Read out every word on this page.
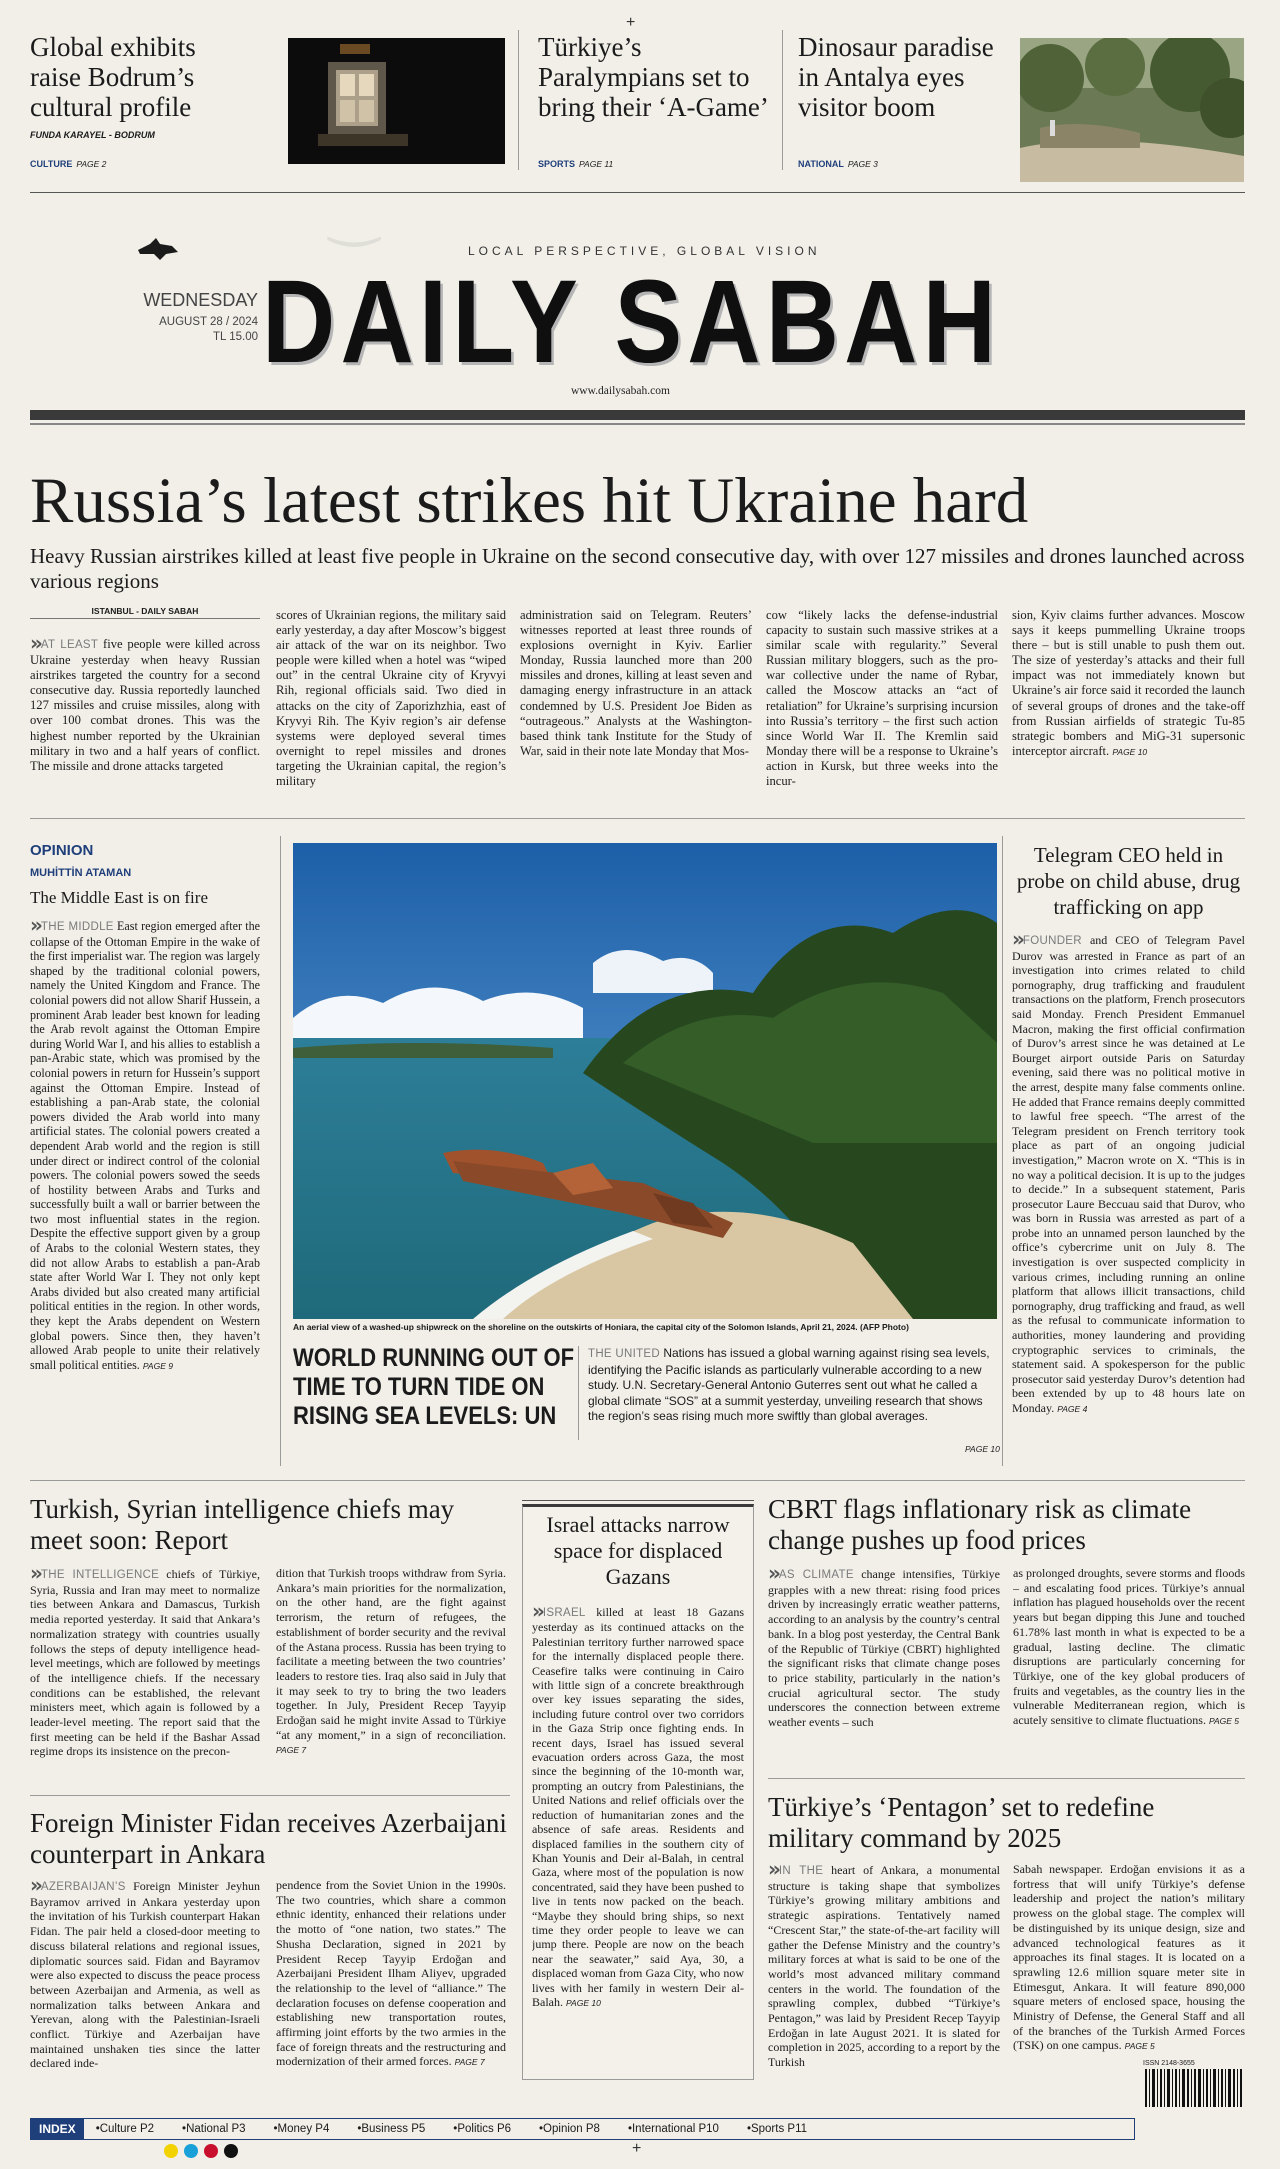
Global exhibits raise Bodrum’s cultural profile
FUNDA KARAYEL - BODRUM
CULTURE PAGE 2
+
Türkiye’s Paralympians set to bring their ‘A-Game’
SPORTS PAGE 11
Dinosaur paradise in Antalya eyes visitor boom
NATIONAL PAGE 3
‿
LOCAL PERSPECTIVE, GLOBAL VISION
WEDNESDAY
AUGUST 28 / 2024
TL 15.00 DAILY SABAH
www.dailysabah.com
Russia’s latest strikes hit Ukraine hard
Heavy Russian airstrikes killed at least five people in Ukraine on the second consecutive day, with over 127 missiles and drones launched across various regions
ISTANBUL - DAILY SABAH
» AT LEAST five people were killed across Ukraine yesterday when heavy Russian airstrikes targeted the country for a second consecutive day. Russia reportedly launched 127 missiles and cruise missiles, along with over 100 combat drones. This was the highest number reported by the Ukrainian military in two and a half years of conflict. The missile and drone attacks targeted
scores of Ukrainian regions, the military said early yesterday, a day after Moscow’s biggest air attack of the war on its neighbor. Two people were killed when a hotel was “wiped out” in the central Ukraine city of Kryvyi Rih, regional officials said. Two died in attacks on the city of Zaporizhzhia, east of Kryvyi Rih. The Kyiv region’s air defense systems were deployed several times overnight to repel missiles and drones targeting the Ukrainian capital, the region’s military
administration said on Telegram. Reuters’ witnesses reported at least three rounds of explosions overnight in Kyiv. Earlier Monday, Russia launched more than 200 missiles and drones, killing at least seven and damaging energy infrastructure in an attack condemned by U.S. President Joe Biden as “outrageous.” Analysts at the Washington-based think tank Institute for the Study of War, said in their note late Monday that Mos-
cow “likely lacks the defense-industrial capacity to sustain such massive strikes at a similar scale with regularity.” Several Russian military bloggers, such as the pro-war collective under the name of Rybar, called the Moscow attacks an “act of retaliation” for Ukraine’s surprising incursion into Russia’s territory – the first such action since World War II. The Kremlin said Monday there will be a response to Ukraine’s action in Kursk, but three weeks into the incur-
sion, Kyiv claims further advances. Moscow says it keeps pummelling Ukraine troops there – but is still unable to push them out. The size of yesterday’s attacks and their full impact was not immediately known but Ukraine’s air force said it recorded the launch of several groups of drones and the take-off from Russian airfields of strategic Tu-85 strategic bombers and MiG-31 supersonic interceptor aircraft. PAGE 10
OPINION
MUHİTTİN ATAMAN
The Middle East is on fire
» THE MIDDLE East region emerged after the collapse of the Ottoman Empire in the wake of the first imperialist war. The region was largely shaped by the traditional colonial powers, namely the United Kingdom and France. The colonial powers did not allow Sharif Hussein, a prominent Arab leader best known for leading the Arab revolt against the Ottoman Empire during World War I, and his allies to establish a pan-Arabic state, which was promised by the colonial powers in return for Hussein’s support against the Ottoman Empire. Instead of establishing a pan-Arab state, the colonial powers divided the Arab world into many artificial states. The colonial powers created a dependent Arab world and the region is still under direct or indirect control of the colonial powers. The colonial powers sowed the seeds of hostility between Arabs and Turks and successfully built a wall or barrier between the two most influential states in the region. Despite the effective support given by a group of Arabs to the colonial Western states, they did not allow Arabs to establish a pan-Arab state after World War I. They not only kept Arabs divided but also created many artificial political entities in the region. In other words, they kept the Arabs dependent on Western global powers. Since then, they haven’t allowed Arab people to unite their relatively small political entities. PAGE 9
An aerial view of a washed-up shipwreck on the shoreline on the outskirts of Honiara, the capital city of the Solomon Islands, April 21, 2024. (AFP Photo)
WORLD RUNNING OUT OF TIME TO TURN TIDE ON RISING SEA LEVELS: UN
THE UNITED Nations has issued a global warning against rising sea levels, identifying the Pacific islands as particularly vulnerable according to a new study. U.N. Secretary-General Antonio Guterres sent out what he called a global climate “SOS” at a summit yesterday, unveiling research that shows the region’s seas rising much more swiftly than global averages.
PAGE 10
Telegram CEO held in probe on child abuse, drug trafficking on app
» FOUNDER and CEO of Telegram Pavel Durov was arrested in France as part of an investigation into crimes related to child pornography, drug trafficking and fraudulent transactions on the platform, French prosecutors said Monday. French President Emmanuel Macron, making the first official confirmation of Durov’s arrest since he was detained at Le Bourget airport outside Paris on Saturday evening, said there was no political motive in the arrest, despite many false comments online. He added that France remains deeply committed to lawful free speech. “The arrest of the Telegram president on French territory took place as part of an ongoing judicial investigation,” Macron wrote on X. “This is in no way a political decision. It is up to the judges to decide.” In a subsequent statement, Paris prosecutor Laure Beccuau said that Durov, who was born in Russia was arrested as part of a probe into an unnamed person launched by the office’s cybercrime unit on July 8. The investigation is over suspected complicity in various crimes, including running an online platform that allows illicit transactions, child pornography, drug trafficking and fraud, as well as the refusal to communicate information to authorities, money laundering and providing cryptographic services to criminals, the statement said. A spokesperson for the public prosecutor said yesterday Durov’s detention had been extended by up to 48 hours late on Monday. PAGE 4
Turkish, Syrian intelligence chiefs may meet soon: Report
» THE INTELLIGENCE chiefs of Türkiye, Syria, Russia and Iran may meet to normalize ties between Ankara and Damascus, Turkish media reported yesterday. It said that Ankara’s normalization strategy with countries usually follows the steps of deputy intelligence head-level meetings, which are followed by meetings of the intelligence chiefs. If the necessary conditions can be established, the relevant ministers meet, which again is followed by a leader-level meeting. The report said that the first meeting can be held if the Bashar Assad regime drops its insistence on the precon-
dition that Turkish troops withdraw from Syria. Ankara’s main priorities for the normalization, on the other hand, are the fight against terrorism, the return of refugees, the establishment of border security and the revival of the Astana process. Russia has been trying to facilitate a meeting between the two countries’ leaders to restore ties. Iraq also said in July that it may seek to try to bring the two leaders together. In July, President Recep Tayyip Erdoğan said he might invite Assad to Türkiye “at any moment,” in a sign of reconciliation. PAGE 7
Foreign Minister Fidan receives Azerbaijani counterpart in Ankara
» AZERBAIJAN’S Foreign Minister Jeyhun Bayramov arrived in Ankara yesterday upon the invitation of his Turkish counterpart Hakan Fidan. The pair held a closed-door meeting to discuss bilateral relations and regional issues, diplomatic sources said. Fidan and Bayramov were also expected to discuss the peace process between Azerbaijan and Armenia, as well as normalization talks between Ankara and Yerevan, along with the Palestinian-Israeli conflict. Türkiye and Azerbaijan have maintained unshaken ties since the latter declared inde-
pendence from the Soviet Union in the 1990s. The two countries, which share a common ethnic identity, enhanced their relations under the motto of “one nation, two states.” The Shusha Declaration, signed in 2021 by President Recep Tayyip Erdoğan and Azerbaijani President Ilham Aliyev, upgraded the relationship to the level of “alliance.” The declaration focuses on defense cooperation and establishing new transportation routes, affirming joint efforts by the two armies in the face of foreign threats and the restructuring and modernization of their armed forces. PAGE 7
Israel attacks narrow space for displaced Gazans
» ISRAEL killed at least 18 Gazans yesterday as its continued attacks on the Palestinian territory further narrowed space for the internally displaced people there. Ceasefire talks were continuing in Cairo with little sign of a concrete breakthrough over key issues separating the sides, including future control over two corridors in the Gaza Strip once fighting ends. In recent days, Israel has issued several evacuation orders across Gaza, the most since the beginning of the 10-month war, prompting an outcry from Palestinians, the United Nations and relief officials over the reduction of humanitarian zones and the absence of safe areas. Residents and displaced families in the southern city of Khan Younis and Deir al-Balah, in central Gaza, where most of the population is now concentrated, said they have been pushed to live in tents now packed on the beach. “Maybe they should bring ships, so next time they order people to leave we can jump there. People are now on the beach near the seawater,” said Aya, 30, a displaced woman from Gaza City, who now lives with her family in western Deir al-Balah. PAGE 10
CBRT flags inflationary risk as climate change pushes up food prices
» AS CLIMATE change intensifies, Türkiye grapples with a new threat: rising food prices driven by increasingly erratic weather patterns, according to an analysis by the country’s central bank. In a blog post yesterday, the Central Bank of the Republic of Türkiye (CBRT) highlighted the significant risks that climate change poses to price stability, particularly in the nation’s crucial agricultural sector. The study underscores the connection between extreme weather events – such
as prolonged droughts, severe storms and floods – and escalating food prices. Türkiye’s annual inflation has plagued households over the recent years but began dipping this June and touched 61.78% last month in what is expected to be a gradual, lasting decline. The climatic disruptions are particularly concerning for Türkiye, one of the key global producers of fruits and vegetables, as the country lies in the vulnerable Mediterranean region, which is acutely sensitive to climate fluctuations. PAGE 5
Türkiye’s ‘Pentagon’ set to redefine military command by 2025
» IN THE heart of Ankara, a monumental structure is taking shape that symbolizes Türkiye’s growing military ambitions and strategic aspirations. Tentatively named “Crescent Star,” the state-of-the-art facility will gather the Defense Ministry and the country’s military forces at what is said to be one of the world’s most advanced military command centers in the world. The foundation of the sprawling complex, dubbed “Türkiye’s Pentagon,” was laid by President Recep Tayyip Erdoğan in late August 2021. It is slated for completion in 2025, according to a report by the Turkish
Sabah newspaper. Erdoğan envisions it as a fortress that will unify Türkiye’s defense leadership and project the nation’s military prowess on the global stage. The complex will be distinguished by its unique design, size and advanced technological features as it approaches its final stages. It is located on a sprawling 12.6 million square meter site in Etimesgut, Ankara. It will feature 890,000 square meters of enclosed space, housing the Ministry of Defense, the General Staff and all of the branches of the Turkish Armed Forces (TSK) on one campus. PAGE 5
ISSN 2148-3655
INDEX	•Culture P2 •National P3 •Money P4 •Business P5 •Politics P6 •Opinion P8 •International P10 •Sports P11
+
